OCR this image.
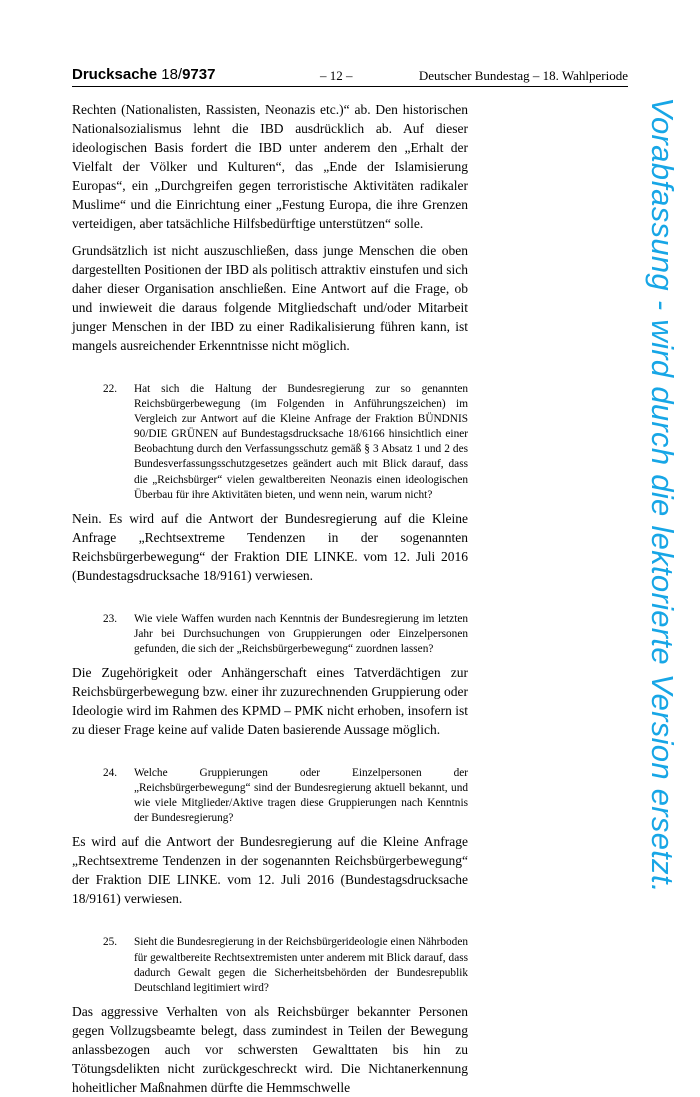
Drucksache 18/9737	– 12 –	Deutscher Bundestag – 18. Wahlperiode

Rechten (Nationalisten, Rassisten, Neonazis etc.)“ ab. Den historischen Nationalsozialismus lehnt die IBD ausdrücklich ab. Auf dieser ideologischen Basis fordert die IBD unter anderem den „Erhalt der Vielfalt der Völker und Kulturen“, das „Ende der Islamisierung Europas“, ein „Durchgreifen gegen terroristische Aktivitäten radikaler Muslime“ und die Einrichtung einer „Festung Europa, die ihre Grenzen verteidigen, aber tatsächliche Hilfsbedürftige unterstützen“ solle.

Grundsätzlich ist nicht auszuschließen, dass junge Menschen die oben dargestellten Positionen der IBD als politisch attraktiv einstufen und sich daher dieser Organisation anschließen. Eine Antwort auf die Frage, ob und inwieweit die daraus folgende Mitgliedschaft und/oder Mitarbeit junger Menschen in der IBD zu einer Radikalisierung führen kann, ist mangels ausreichender Erkenntnisse nicht möglich.

22. Hat sich die Haltung der Bundesregierung zur so genannten Reichsbürgerbewegung (im Folgenden in Anführungszeichen) im Vergleich zur Antwort auf die Kleine Anfrage der Fraktion BÜNDNIS 90/DIE GRÜNEN auf Bundestagsdrucksache 18/6166 hinsichtlich einer Beobachtung durch den Verfassungsschutz gemäß § 3 Absatz 1 und 2 des Bundesverfassungsschutzgesetzes geändert auch mit Blick darauf, dass die „Reichsbürger“ vielen gewaltbereiten Neonazis einen ideologischen Überbau für ihre Aktivitäten bieten, und wenn nein, warum nicht?

Nein. Es wird auf die Antwort der Bundesregierung auf die Kleine Anfrage „Rechtsextreme Tendenzen in der sogenannten Reichsbürgerbewegung“ der Fraktion DIE LINKE. vom 12. Juli 2016 (Bundestagsdrucksache 18/9161) verwiesen.

23. Wie viele Waffen wurden nach Kenntnis der Bundesregierung im letzten Jahr bei Durchsuchungen von Gruppierungen oder Einzelpersonen gefunden, die sich der „Reichsbürgerbewegung“ zuordnen lassen?

Die Zugehörigkeit oder Anhängerschaft eines Tatverdächtigen zur Reichsbürgerbewegung bzw. einer ihr zuzurechnenden Gruppierung oder Ideologie wird im Rahmen des KPMD – PMK nicht erhoben, insofern ist zu dieser Frage keine auf valide Daten basierende Aussage möglich.

24. Welche Gruppierungen oder Einzelpersonen der „Reichsbürgerbewegung“ sind der Bundesregierung aktuell bekannt, und wie viele Mitglieder/Aktive tragen diese Gruppierungen nach Kenntnis der Bundesregierung?

Es wird auf die Antwort der Bundesregierung auf die Kleine Anfrage „Rechtsextreme Tendenzen in der sogenannten Reichsbürgerbewegung“ der Fraktion DIE LINKE. vom 12. Juli 2016 (Bundestagsdrucksache 18/9161) verwiesen.

25. Sieht die Bundesregierung in der Reichsbürgerideologie einen Nährboden für gewaltbereite Rechtsextremisten unter anderem mit Blick darauf, dass dadurch Gewalt gegen die Sicherheitsbehörden der Bundesrepublik Deutschland legitimiert wird?

Das aggressive Verhalten von als Reichsbürger bekannter Personen gegen Vollzugsbeamte belegt, dass zumindest in Teilen der Bewegung anlassbezogen auch vor schwersten Gewalttaten bis hin zu Tötungsdelikten nicht zurückgeschreckt wird. Die Nichtanerkennung hoheitlicher Maßnahmen dürfte die Hemmschwelle

Vorabfassung - wird durch die lektorierte Version ersetzt.
